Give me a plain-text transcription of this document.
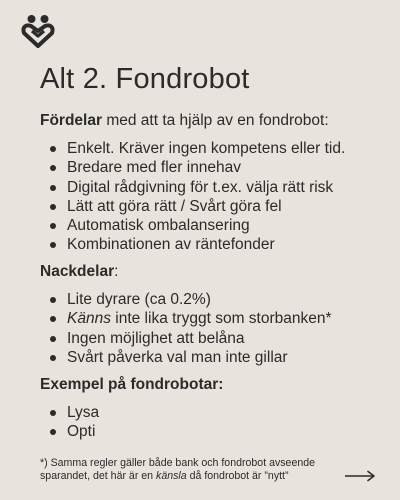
Alt 2. Fondrobot

Fördelar med att ta hjälp av en fondrobot:

Enkelt. Kräver ingen kompetens eller tid.
Bredare med fler innehav
Digital rådgivning för t.ex. välja rätt risk
Lätt att göra rätt / Svårt göra fel
Automatisk ombalansering
Kombinationen av räntefonder

Nackdelar:

Lite dyrare (ca 0.2%)
Känns inte lika tryggt som storbanken*
Ingen möjlighet att belåna
Svårt påverka val man inte gillar

Exempel på fondrobotar:

Lysa
Opti

*) Samma regler gäller både bank och fondrobot avseende sparandet, det här är en känsla då fondrobot är ”nytt”
